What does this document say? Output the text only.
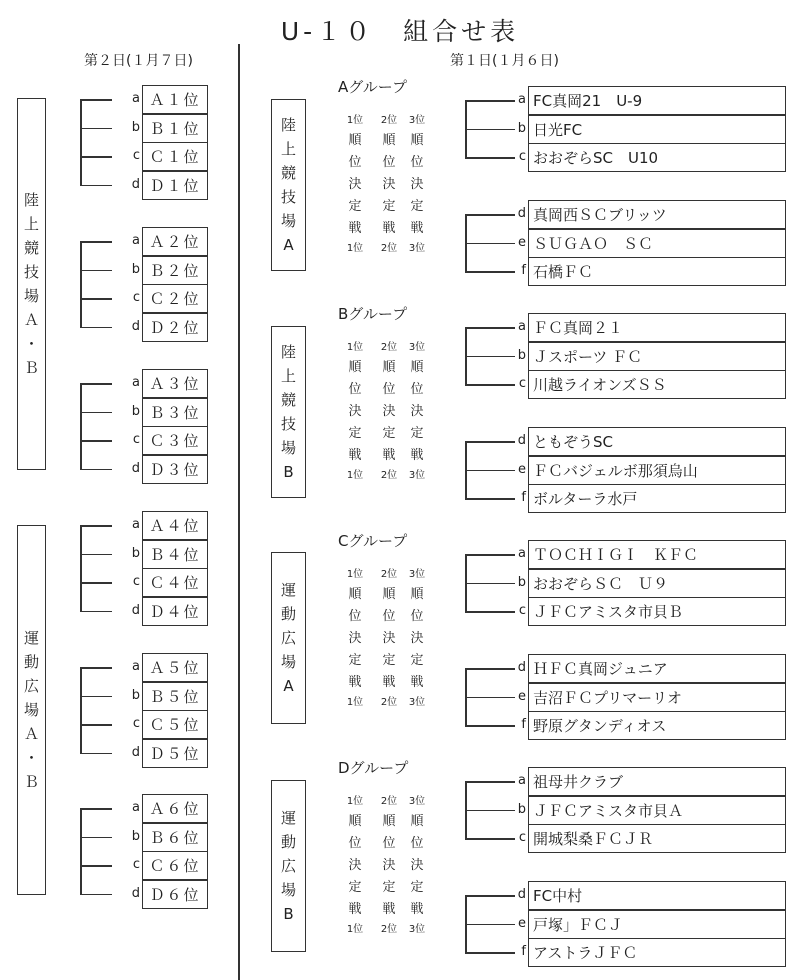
U-１０　組合せ表
第２日(１月７日)	第１日(１月６日)
陸
上
競
技
場
Ａ
・
Ｂ
運
動
広
場
Ａ
・
Ｂ
a Ａ１位
b Ｂ１位
c Ｃ１位
d Ｄ１位
a Ａ２位
b Ｂ２位
c Ｃ２位
d Ｄ２位
a Ａ３位
b Ｂ３位
c Ｃ３位
d Ｄ３位
a Ａ４位
b Ｂ４位
c Ｃ４位
d Ｄ４位
a Ａ５位
b Ｂ５位
c Ｃ５位
d Ｄ５位
a Ａ６位
b Ｂ６位
c Ｃ６位
d Ｄ６位
Aグループ
陸
上
競
技
場
A
1位
順
位
決
定
戦
1位
2位
順
位
決
定
戦
2位
3位
順
位
決
定
戦
3位
a FC真岡21　U-9
b 日光FC
c おおぞらSC　U10
d 真岡西ＳＣブリッツ
e ＳＵＧＡＯ　ＳＣ
f 石橋ＦＣ
Bグループ
陸
上
競
技
場
B
1位
順
位
決
定
戦
1位
2位
順
位
決
定
戦
2位
3位
順
位
決
定
戦
3位
a ＦＣ真岡２１
b Ｊスポーツ ＦＣ
c 川越ライオンズＳＳ
d ともぞうSC
e ＦＣバジェルボ那須烏山
f ボルターラ水戸
Cグループ
運
動
広
場
A
1位
順
位
決
定
戦
1位
2位
順
位
決
定
戦
2位
3位
順
位
決
定
戦
3位
a ＴＯＣＨＩＧＩ　ＫＦＣ
b おおぞらＳＣ　Ｕ９
c ＪＦＣアミスタ市貝Ｂ
d ＨＦＣ真岡ジュニア
e 吉沼ＦＣプリマーリオ
f 野原グタンディオス
Dグループ
運
動
広
場
B
1位
順
位
決
定
戦
1位
2位
順
位
決
定
戦
2位
3位
順
位
決
定
戦
3位
a 祖母井クラブ
b ＪＦＣアミスタ市貝Ａ
c 開城梨桑ＦＣＪＲ
d FC中村
e 戸塚」ＦＣＪ
f アストラＪＦＣ
